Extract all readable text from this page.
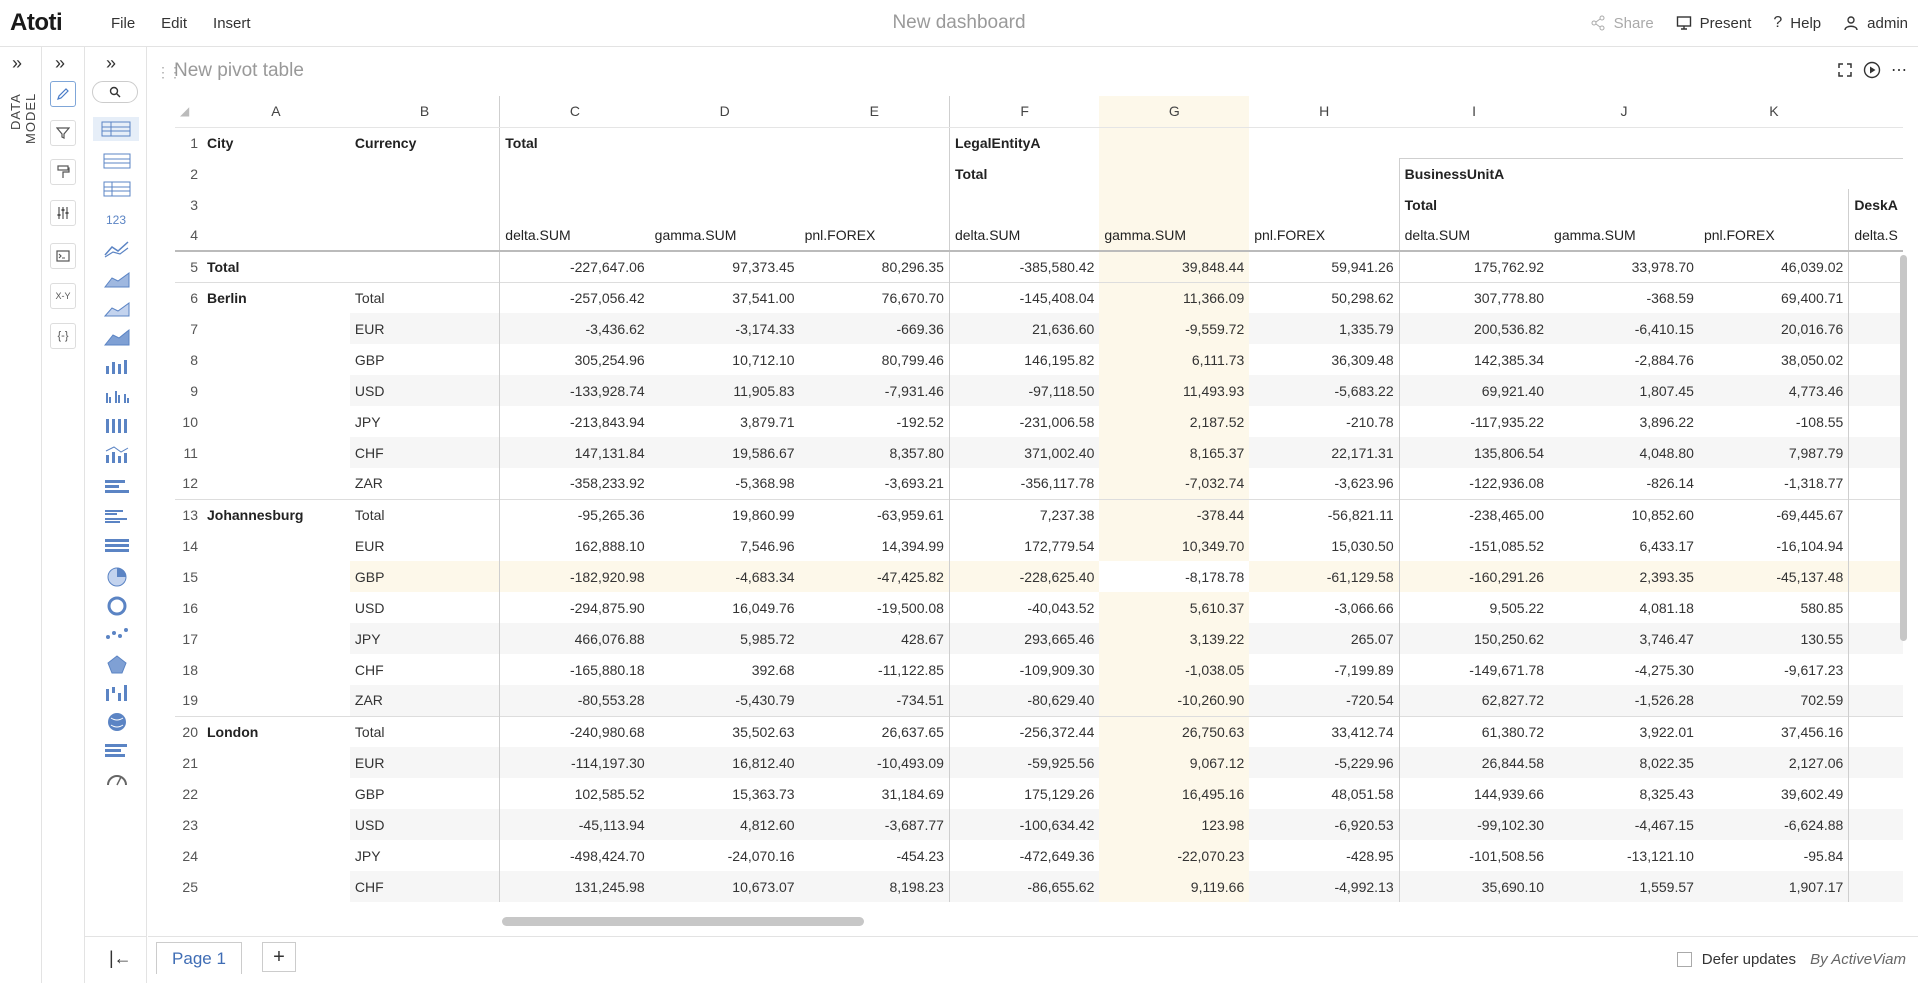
Atoti	File	Edit	Insert	New dashboard	Share	Present ? Help	admin
»
DATA MODEL
»
X-Y
{-}
»
123
|←
⋮⋮
New pivot table	⋯
◢	A	B	C	D	E	F	G	H	I	J	K	
1	City	Currency	Total			LegalEntityA						
2						Total			BusinessUnitA			
3									Total			DeskA
4			delta.SUM	gamma.SUM	pnl.FOREX	delta.SUM	gamma.SUM	pnl.FOREX	delta.SUM	gamma.SUM	pnl.FOREX	delta.S
5	Total		-227,647.06	97,373.45	80,296.35	-385,580.42	39,848.44	59,941.26	175,762.92	33,978.70	46,039.02	
6	Berlin	Total	-257,056.42	37,541.00	76,670.70	-145,408.04	11,366.09	50,298.62	307,778.80	-368.59	69,400.71	
7		EUR	-3,436.62	-3,174.33	-669.36	21,636.60	-9,559.72	1,335.79	200,536.82	-6,410.15	20,016.76	
8		GBP	305,254.96	10,712.10	80,799.46	146,195.82	6,111.73	36,309.48	142,385.34	-2,884.76	38,050.02	
9		USD	-133,928.74	11,905.83	-7,931.46	-97,118.50	11,493.93	-5,683.22	69,921.40	1,807.45	4,773.46	
10		JPY	-213,843.94	3,879.71	-192.52	-231,006.58	2,187.52	-210.78	-117,935.22	3,896.22	-108.55	
11		CHF	147,131.84	19,586.67	8,357.80	371,002.40	8,165.37	22,171.31	135,806.54	4,048.80	7,987.79	
12		ZAR	-358,233.92	-5,368.98	-3,693.21	-356,117.78	-7,032.74	-3,623.96	-122,936.08	-826.14	-1,318.77	
13	Johannesburg	Total	-95,265.36	19,860.99	-63,959.61	7,237.38	-378.44	-56,821.11	-238,465.00	10,852.60	-69,445.67	
14		EUR	162,888.10	7,546.96	14,394.99	172,779.54	10,349.70	15,030.50	-151,085.52	6,433.17	-16,104.94	
15		GBP	-182,920.98	-4,683.34	-47,425.82	-228,625.40	-8,178.78	-61,129.58	-160,291.26	2,393.35	-45,137.48	
16		USD	-294,875.90	16,049.76	-19,500.08	-40,043.52	5,610.37	-3,066.66	9,505.22	4,081.18	580.85	
17		JPY	466,076.88	5,985.72	428.67	293,665.46	3,139.22	265.07	150,250.62	3,746.47	130.55	
18		CHF	-165,880.18	392.68	-11,122.85	-109,909.30	-1,038.05	-7,199.89	-149,671.78	-4,275.30	-9,617.23	
19		ZAR	-80,553.28	-5,430.79	-734.51	-80,629.40	-10,260.90	-720.54	62,827.72	-1,526.28	702.59	
20	London	Total	-240,980.68	35,502.63	26,637.65	-256,372.44	26,750.63	33,412.74	61,380.72	3,922.01	37,456.16	
21		EUR	-114,197.30	16,812.40	-10,493.09	-59,925.56	9,067.12	-5,229.96	26,844.58	8,022.35	2,127.06	
22		GBP	102,585.52	15,363.73	31,184.69	175,129.26	16,495.16	48,051.58	144,939.66	8,325.43	39,602.49	
23		USD	-45,113.94	4,812.60	-3,687.77	-100,634.42	123.98	-6,920.53	-99,102.30	-4,467.15	-6,624.88	
24		JPY	-498,424.70	-24,070.16	-454.23	-472,649.36	-22,070.23	-428.95	-101,508.56	-13,121.10	-95.84	
25		CHF	131,245.98	10,673.07	8,198.23	-86,655.62	9,119.66	-4,992.13	35,690.10	1,559.57	1,907.17	
Page 1	+	Defer updates By ActiveViam
